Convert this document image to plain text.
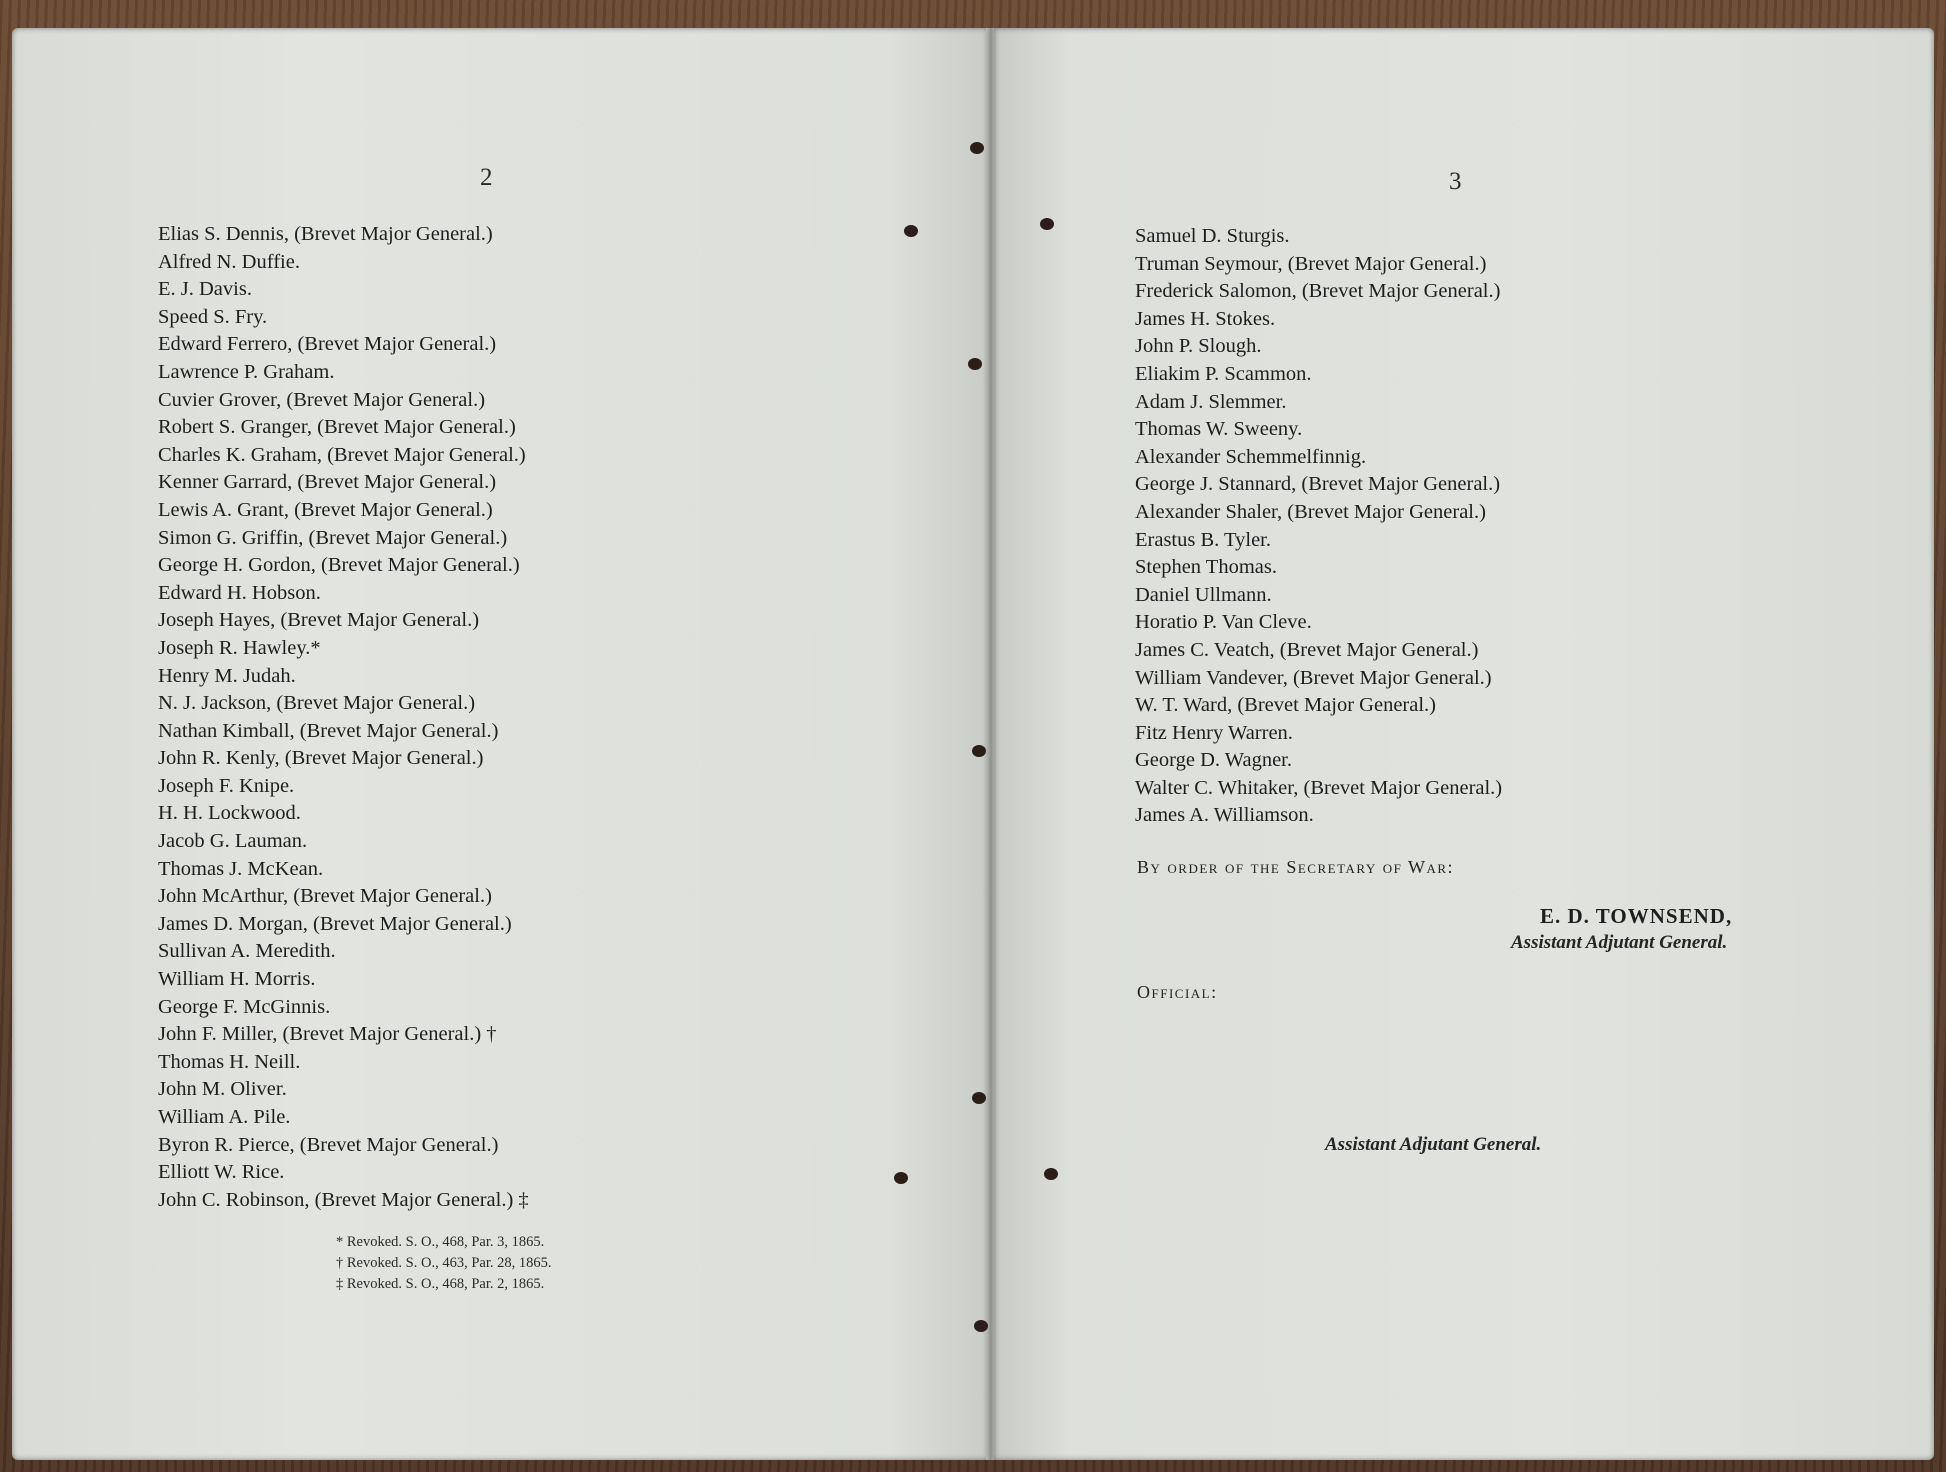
2
Elias S. Dennis, (Brevet Major General.)
Alfred N. Duffie.
E. J. Davis.
Speed S. Fry.
Edward Ferrero, (Brevet Major General.)
Lawrence P. Graham.
Cuvier Grover, (Brevet Major General.)
Robert S. Granger, (Brevet Major General.)
Charles K. Graham, (Brevet Major General.)
Kenner Garrard, (Brevet Major General.)
Lewis A. Grant, (Brevet Major General.)
Simon G. Griffin, (Brevet Major General.)
George H. Gordon, (Brevet Major General.)
Edward H. Hobson.
Joseph Hayes, (Brevet Major General.)
Joseph R. Hawley.*
Henry M. Judah.
N. J. Jackson, (Brevet Major General.)
Nathan Kimball, (Brevet Major General.)
John R. Kenly, (Brevet Major General.)
Joseph F. Knipe.
H. H. Lockwood.
Jacob G. Lauman.
Thomas J. McKean.
John McArthur, (Brevet Major General.)
James D. Morgan, (Brevet Major General.)
Sullivan A. Meredith.
William H. Morris.
George F. McGinnis.
John F. Miller, (Brevet Major General.) †
Thomas H. Neill.
John M. Oliver.
William A. Pile.
Byron R. Pierce, (Brevet Major General.)
Elliott W. Rice.
John C. Robinson, (Brevet Major General.) ‡
* Revoked. S. O., 468, Par. 3, 1865.
† Revoked. S. O., 463, Par. 28, 1865.
‡ Revoked. S. O., 468, Par. 2, 1865.
3
Samuel D. Sturgis.
Truman Seymour, (Brevet Major General.)
Frederick Salomon, (Brevet Major General.)
James H. Stokes.
John P. Slough.
Eliakim P. Scammon.
Adam J. Slemmer.
Thomas W. Sweeny.
Alexander Schemmelfinnig.
George J. Stannard, (Brevet Major General.)
Alexander Shaler, (Brevet Major General.)
Erastus B. Tyler.
Stephen Thomas.
Daniel Ullmann.
Horatio P. Van Cleve.
James C. Veatch, (Brevet Major General.)
William Vandever, (Brevet Major General.)
W. T. Ward, (Brevet Major General.)
Fitz Henry Warren.
George D. Wagner.
Walter C. Whitaker, (Brevet Major General.)
James A. Williamson.
By order of the Secretary of War:
E. D. TOWNSEND,
Assistant Adjutant General.
Official:
Assistant Adjutant General.
